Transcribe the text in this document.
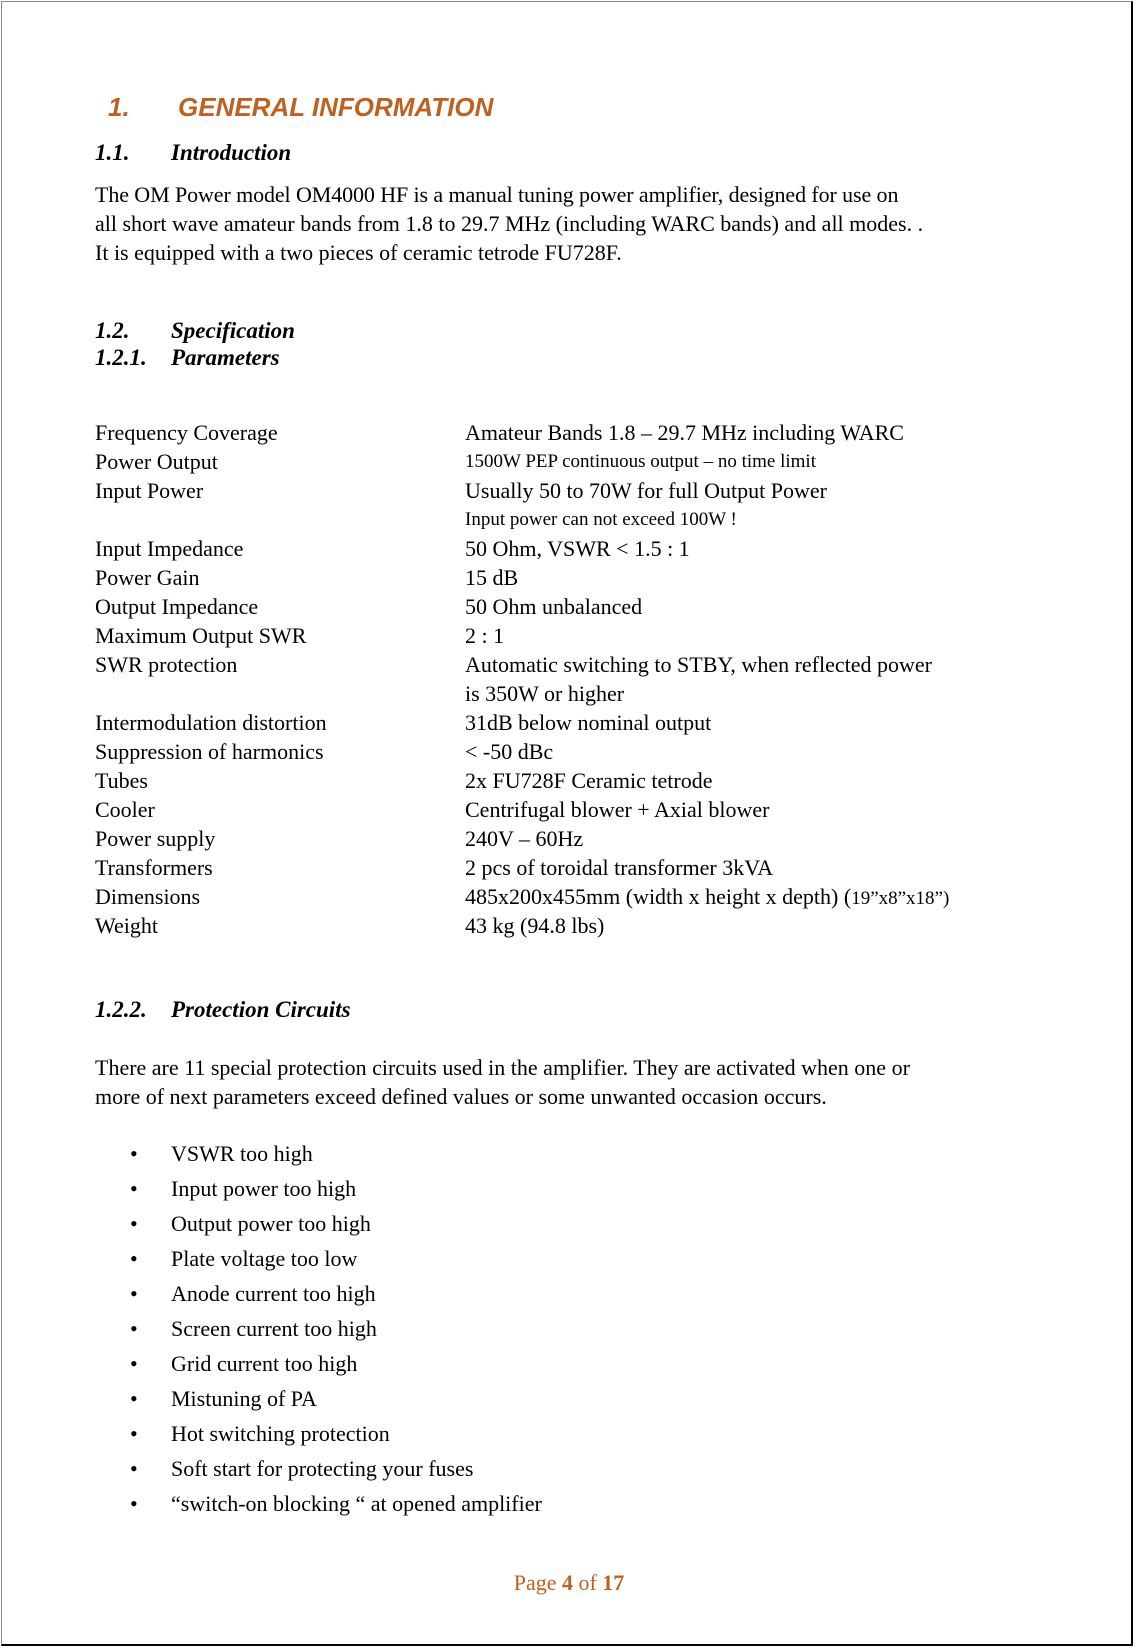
1. GENERAL INFORMATION
1.1. Introduction
The OM Power model OM4000 HF is a manual tuning power amplifier, designed for use on
all short wave amateur bands from 1.8 to 29.7 MHz (including WARC bands) and all modes. .
It is equipped with a two pieces of ceramic tetrode FU728F.
1.2. Specification
1.2.1. Parameters
Frequency Coverage	Amateur Bands 1.8 – 29.7 MHz including WARC
Power Output	1500W PEP continuous output – no time limit
Input Power	Usually 50 to 70W for full Output Power
Input power can not exceed 100W !
Input Impedance	50 Ohm, VSWR < 1.5 : 1
Power Gain	15 dB
Output Impedance	50 Ohm unbalanced
Maximum Output SWR	2 : 1
SWR protection	Automatic switching to STBY, when reflected power
is 350W or higher
Intermodulation distortion	31dB below nominal output
Suppression of harmonics	< -50 dBc
Tubes	2x FU728F Ceramic tetrode
Cooler	Centrifugal blower + Axial blower
Power supply	240V – 60Hz
Transformers	2 pcs of toroidal transformer 3kVA
Dimensions	485x200x455mm (width x height x depth) (19”x8”x18”)
Weight	43 kg (94.8 lbs)
1.2.2. Protection Circuits
There are 11 special protection circuits used in the amplifier. They are activated when one or
more of next parameters exceed defined values or some unwanted occasion occurs.
• VSWR too high
• Input power too high
• Output power too high
• Plate voltage too low
• Anode current too high
• Screen current too high
• Grid current too high
• Mistuning of PA
• Hot switching protection
• Soft start for protecting your fuses
• “switch-on blocking “ at opened amplifier
Page 4 of 17
